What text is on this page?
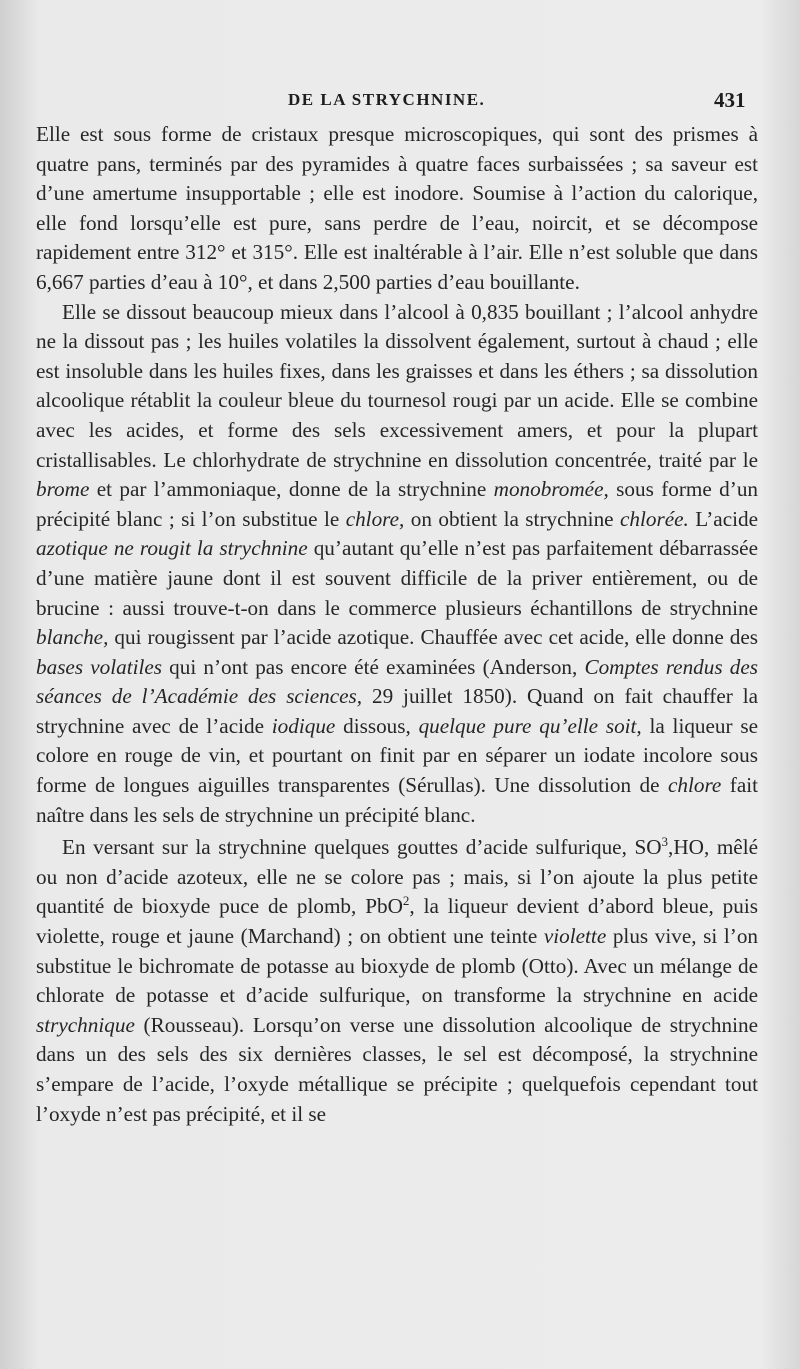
DE LA STRYCHNINE.	431

Elle est sous forme de cristaux presque microscopiques, qui sont des prismes à quatre pans, terminés par des pyramides à quatre faces surbaissées ; sa saveur est d’une amertume insupportable ; elle est inodore. Soumise à l’action du calorique, elle fond lorsqu’elle est pure, sans perdre de l’eau, noircit, et se décompose rapidement entre 312° et 315°. Elle est inaltérable à l’air. Elle n’est soluble que dans 6,667 parties d’eau à 10°, et dans 2,500 parties d’eau bouillante.

Elle se dissout beaucoup mieux dans l’alcool à 0,835 bouillant ; l’alcool anhydre ne la dissout pas ; les huiles volatiles la dissolvent également, surtout à chaud ; elle est insoluble dans les huiles fixes, dans les graisses et dans les éthers ; sa dissolution alcoolique rétablit la couleur bleue du tournesol rougi par un acide. Elle se combine avec les acides, et forme des sels excessivement amers, et pour la plupart cristallisables. Le chlorhydrate de strychnine en dissolution concentrée, traité par le brome et par l’ammoniaque, donne de la strychnine monobromée, sous forme d’un précipité blanc ; si l’on substitue le chlore, on obtient la strychnine chlorée. L’acide azotique ne rougit la strychnine qu’autant qu’elle n’est pas parfaitement débarrassée d’une matière jaune dont il est souvent difficile de la priver entièrement, ou de brucine : aussi trouve-t-on dans le commerce plusieurs échantillons de strychnine blanche, qui rougissent par l’acide azotique. Chauffée avec cet acide, elle donne des bases volatiles qui n’ont pas encore été examinées (Anderson, Comptes rendus des séances de l’Académie des sciences, 29 juillet 1850). Quand on fait chauffer la strychnine avec de l’acide iodique dissous, quelque pure qu’elle soit, la liqueur se colore en rouge de vin, et pourtant on finit par en séparer un iodate incolore sous forme de longues aiguilles transparentes (Sérullas). Une dissolution de chlore fait naître dans les sels de strychnine un précipité blanc.

En versant sur la strychnine quelques gouttes d’acide sulfurique, $SO^3,HO$, mêlé ou non d’acide azoteux, elle ne se colore pas ; mais, si l’on ajoute la plus petite quantité de bioxyde puce de plomb, PbO$^2$, la liqueur devient d’abord bleue, puis violette, rouge et jaune (Marchand) ; on obtient une teinte violette plus vive, si l’on substitue le bichromate de potasse au bioxyde de plomb (Otto). Avec un mélange de chlorate de potasse et d’acide sulfurique, on transforme la strychnine en acide strychnique (Rousseau). Lorsqu’on verse une dissolution alcoolique de strychnine dans un des sels des six dernières classes, le sel est décomposé, la strychnine s’empare de l’acide, l’oxyde métallique se précipite ; quelquefois cependant tout l’oxyde n’est pas précipité, et il se
